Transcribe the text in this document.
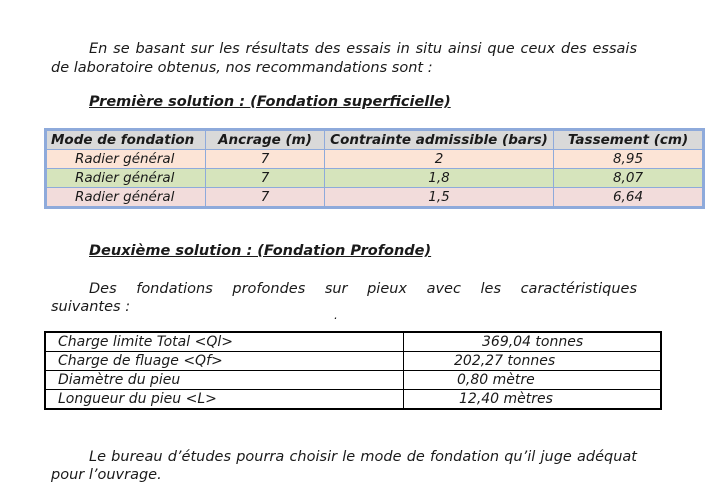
En se basant sur les résultats des essais in situ ainsi que ceux des essais
de laboratoire obtenus, nos recommandations sont :
Première solution : (Fondation superficielle)
Mode de fondation	Ancrage (m)	Contrainte admissible (bars)	Tassement (cm)
Radier général	7	2	8,95
Radier général	7	1,8	8,07
Radier général	7	1,5	6,64
Deuxième solution : (Fondation Profonde)
Des fondations profondes sur pieux avec les caractéristiques
suivantes :	.
Charge limite Total <Ql>	369,04 tonnes
Charge de fluage <Qf>	202,27 tonnes
Diamètre du pieu	0,80 mètre
Longueur du pieu <L>	12,40 mètres
Le bureau d’études pourra choisir le mode de fondation qu’il juge adéquat
pour l’ouvrage.
